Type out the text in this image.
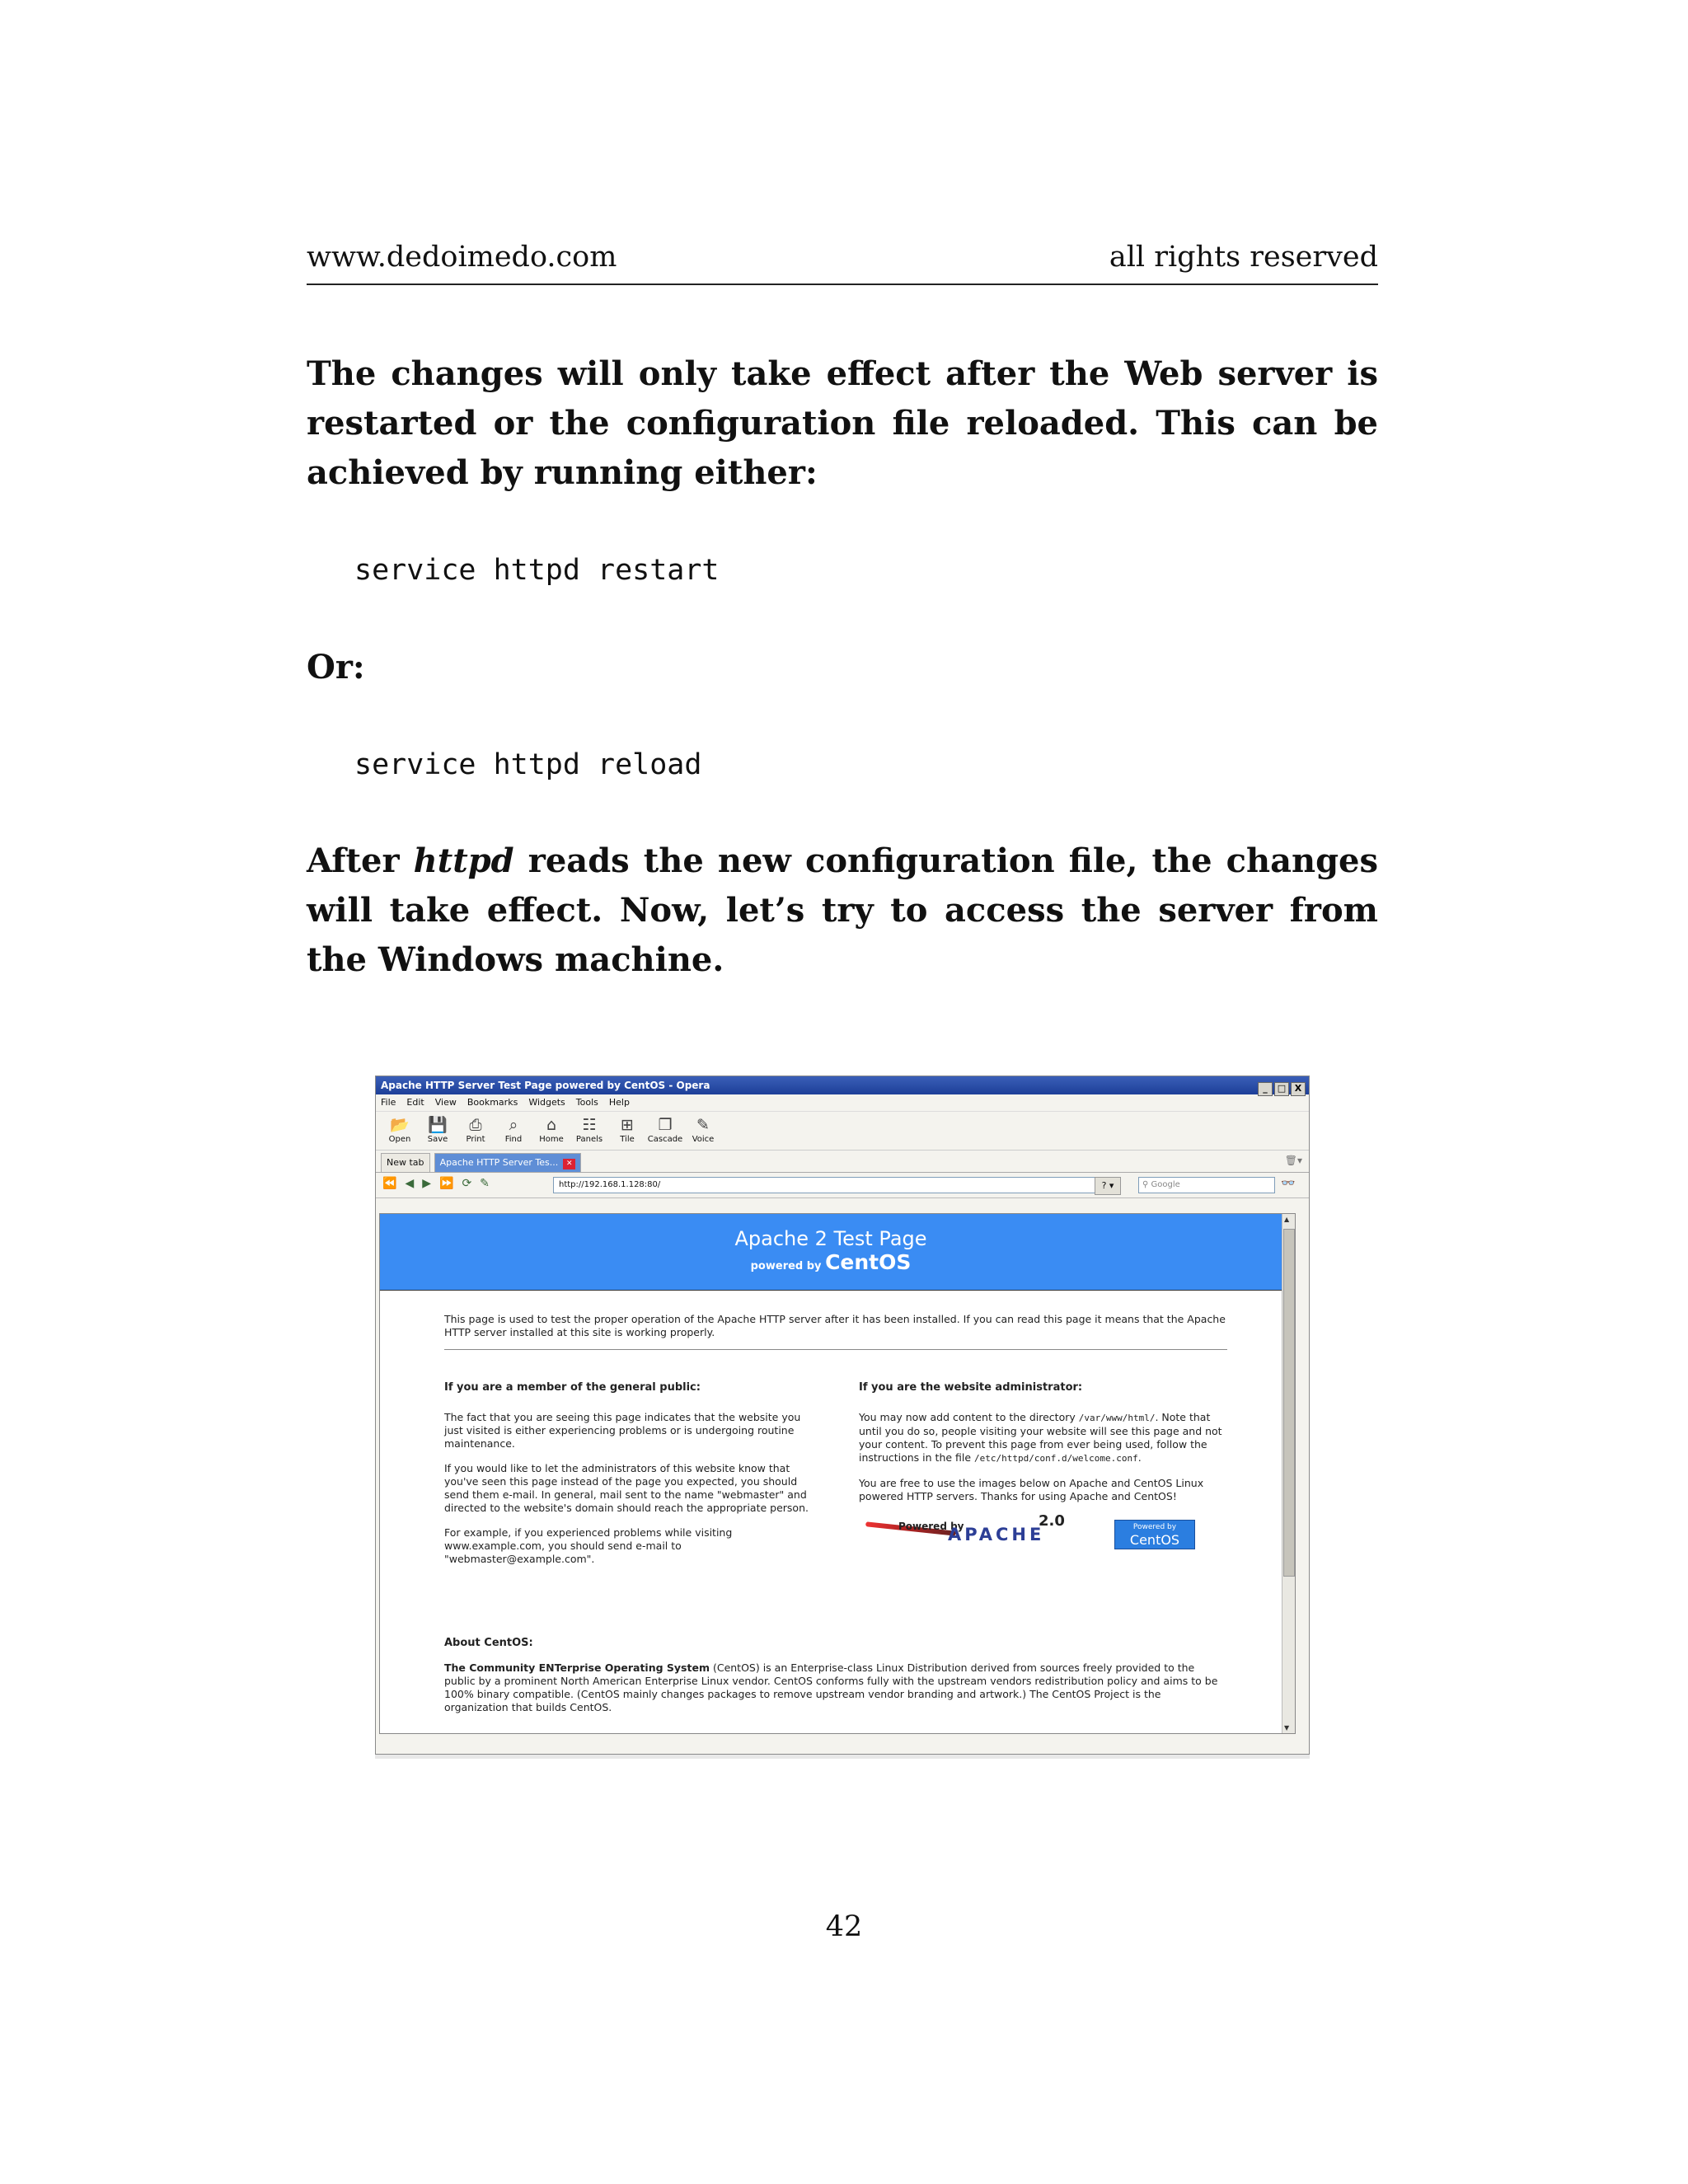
www.dedoimedo.com	all rights reserved
The changes will only take effect after the Web server is restarted or the configuration file reloaded. This can be achieved by running either:
service httpd restart
Or:
service httpd reload
After httpd reads the new configuration file, the changes will take effect. Now, let’s try to access the server from the Windows machine.
Apache HTTP Server Test Page powered by CentOS - Opera	_ □ X
File Edit View Bookmarks Widgets Tools Help
📂
Open
💾
Save
⎙
Print
⌕
Find
⌂
Home
☷
Panels
⊞
Tile
❐
Cascade
✎
Voice
New tab Apache HTTP Server Tes... ✕	🗑▾
⏪ ◀ ▶ ⏩ ⟳ ✎	http://192.168.1.128:80/	? ▾	⚲ Google	👓
Apache 2 Test Page
powered by CentOS
This page is used to test the proper operation of the Apache HTTP server after it has been installed. If you can read this page it means that the Apache HTTP server installed at this site is working properly.
If you are a member of the general public:

The fact that you are seeing this page indicates that the website you just visited is either experiencing problems or is undergoing routine maintenance.

If you would like to let the administrators of this website know that you've seen this page instead of the page you expected, you should send them e-mail. In general, mail sent to the name "webmaster" and directed to the website's domain should reach the appropriate person.

For example, if you experienced problems while visiting www.example.com, you should send e-mail to "webmaster@example.com".

If you are the website administrator:

You may now add content to the directory /var/www/html/. Note that until you do so, people visiting your website will see this page and not your content. To prevent this page from ever being used, follow the instructions in the file /etc/httpd/conf.d/welcome.conf.

You are free to use the images below on Apache and CentOS Linux powered HTTP servers. Thanks for using Apache and CentOS!

Powered by
APACHE
2.0	Powered by
CentOS
About CentOS:

The Community ENTerprise Operating System (CentOS) is an Enterprise-class Linux Distribution derived from sources freely provided to the public by a prominent North American Enterprise Linux vendor. CentOS conforms fully with the upstream vendors redistribution policy and aims to be 100% binary compatible. (CentOS mainly changes packages to remove upstream vendor branding and artwork.) The CentOS Project is the organization that builds CentOS.

▲
▼
42
